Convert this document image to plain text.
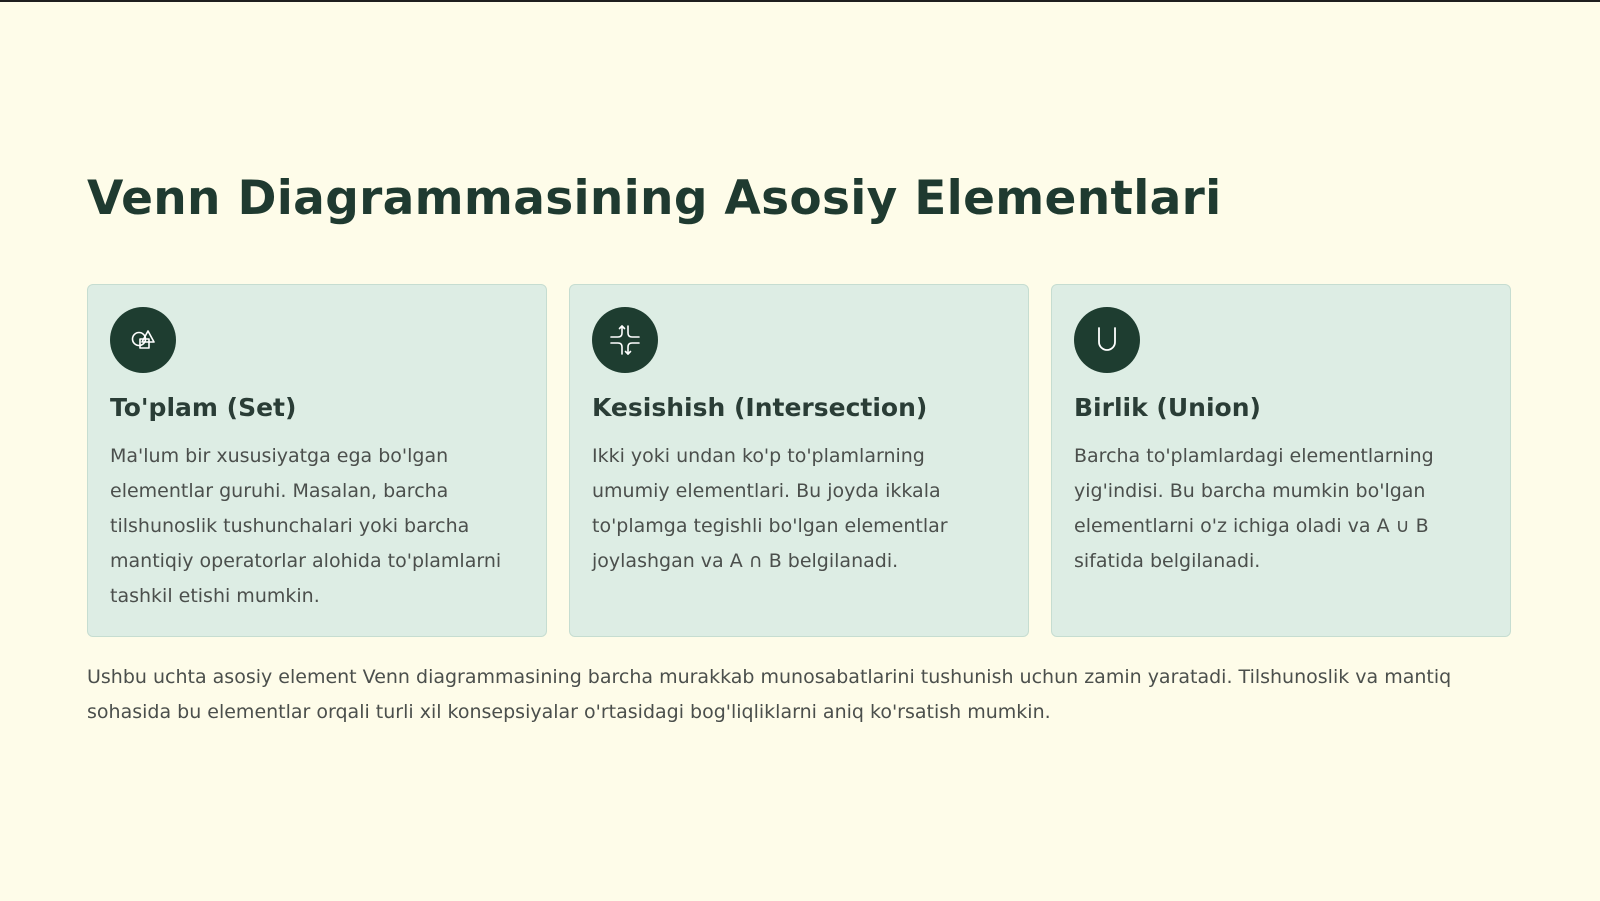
Venn Diagrammasining Asosiy Elementlari
To'plam (Set)

Ma'lum bir xususiyatga ega bo'lgan elementlar guruhi. Masalan, barcha tilshunoslik tushunchalari yoki barcha mantiqiy operatorlar alohida to'plamlarni tashkil etishi mumkin.

Kesishish (Intersection)

Ikki yoki undan ko'p to'plamlarning umumiy elementlari. Bu joyda ikkala to'plamga tegishli bo'lgan elementlar joylashgan va A ∩ B belgilanadi.

Birlik (Union)

Barcha to'plamlardagi elementlarning yig'indisi. Bu barcha mumkin bo'lgan elementlarni o'z ichiga oladi va A ∪ B sifatida belgilanadi.

Ushbu uchta asosiy element Venn diagrammasining barcha murakkab munosabatlarini tushunish uchun zamin yaratadi. Tilshunoslik va mantiq sohasida bu elementlar orqali turli xil konsepsiyalar o'rtasidagi bog'liqliklarni aniq ko'rsatish mumkin.
